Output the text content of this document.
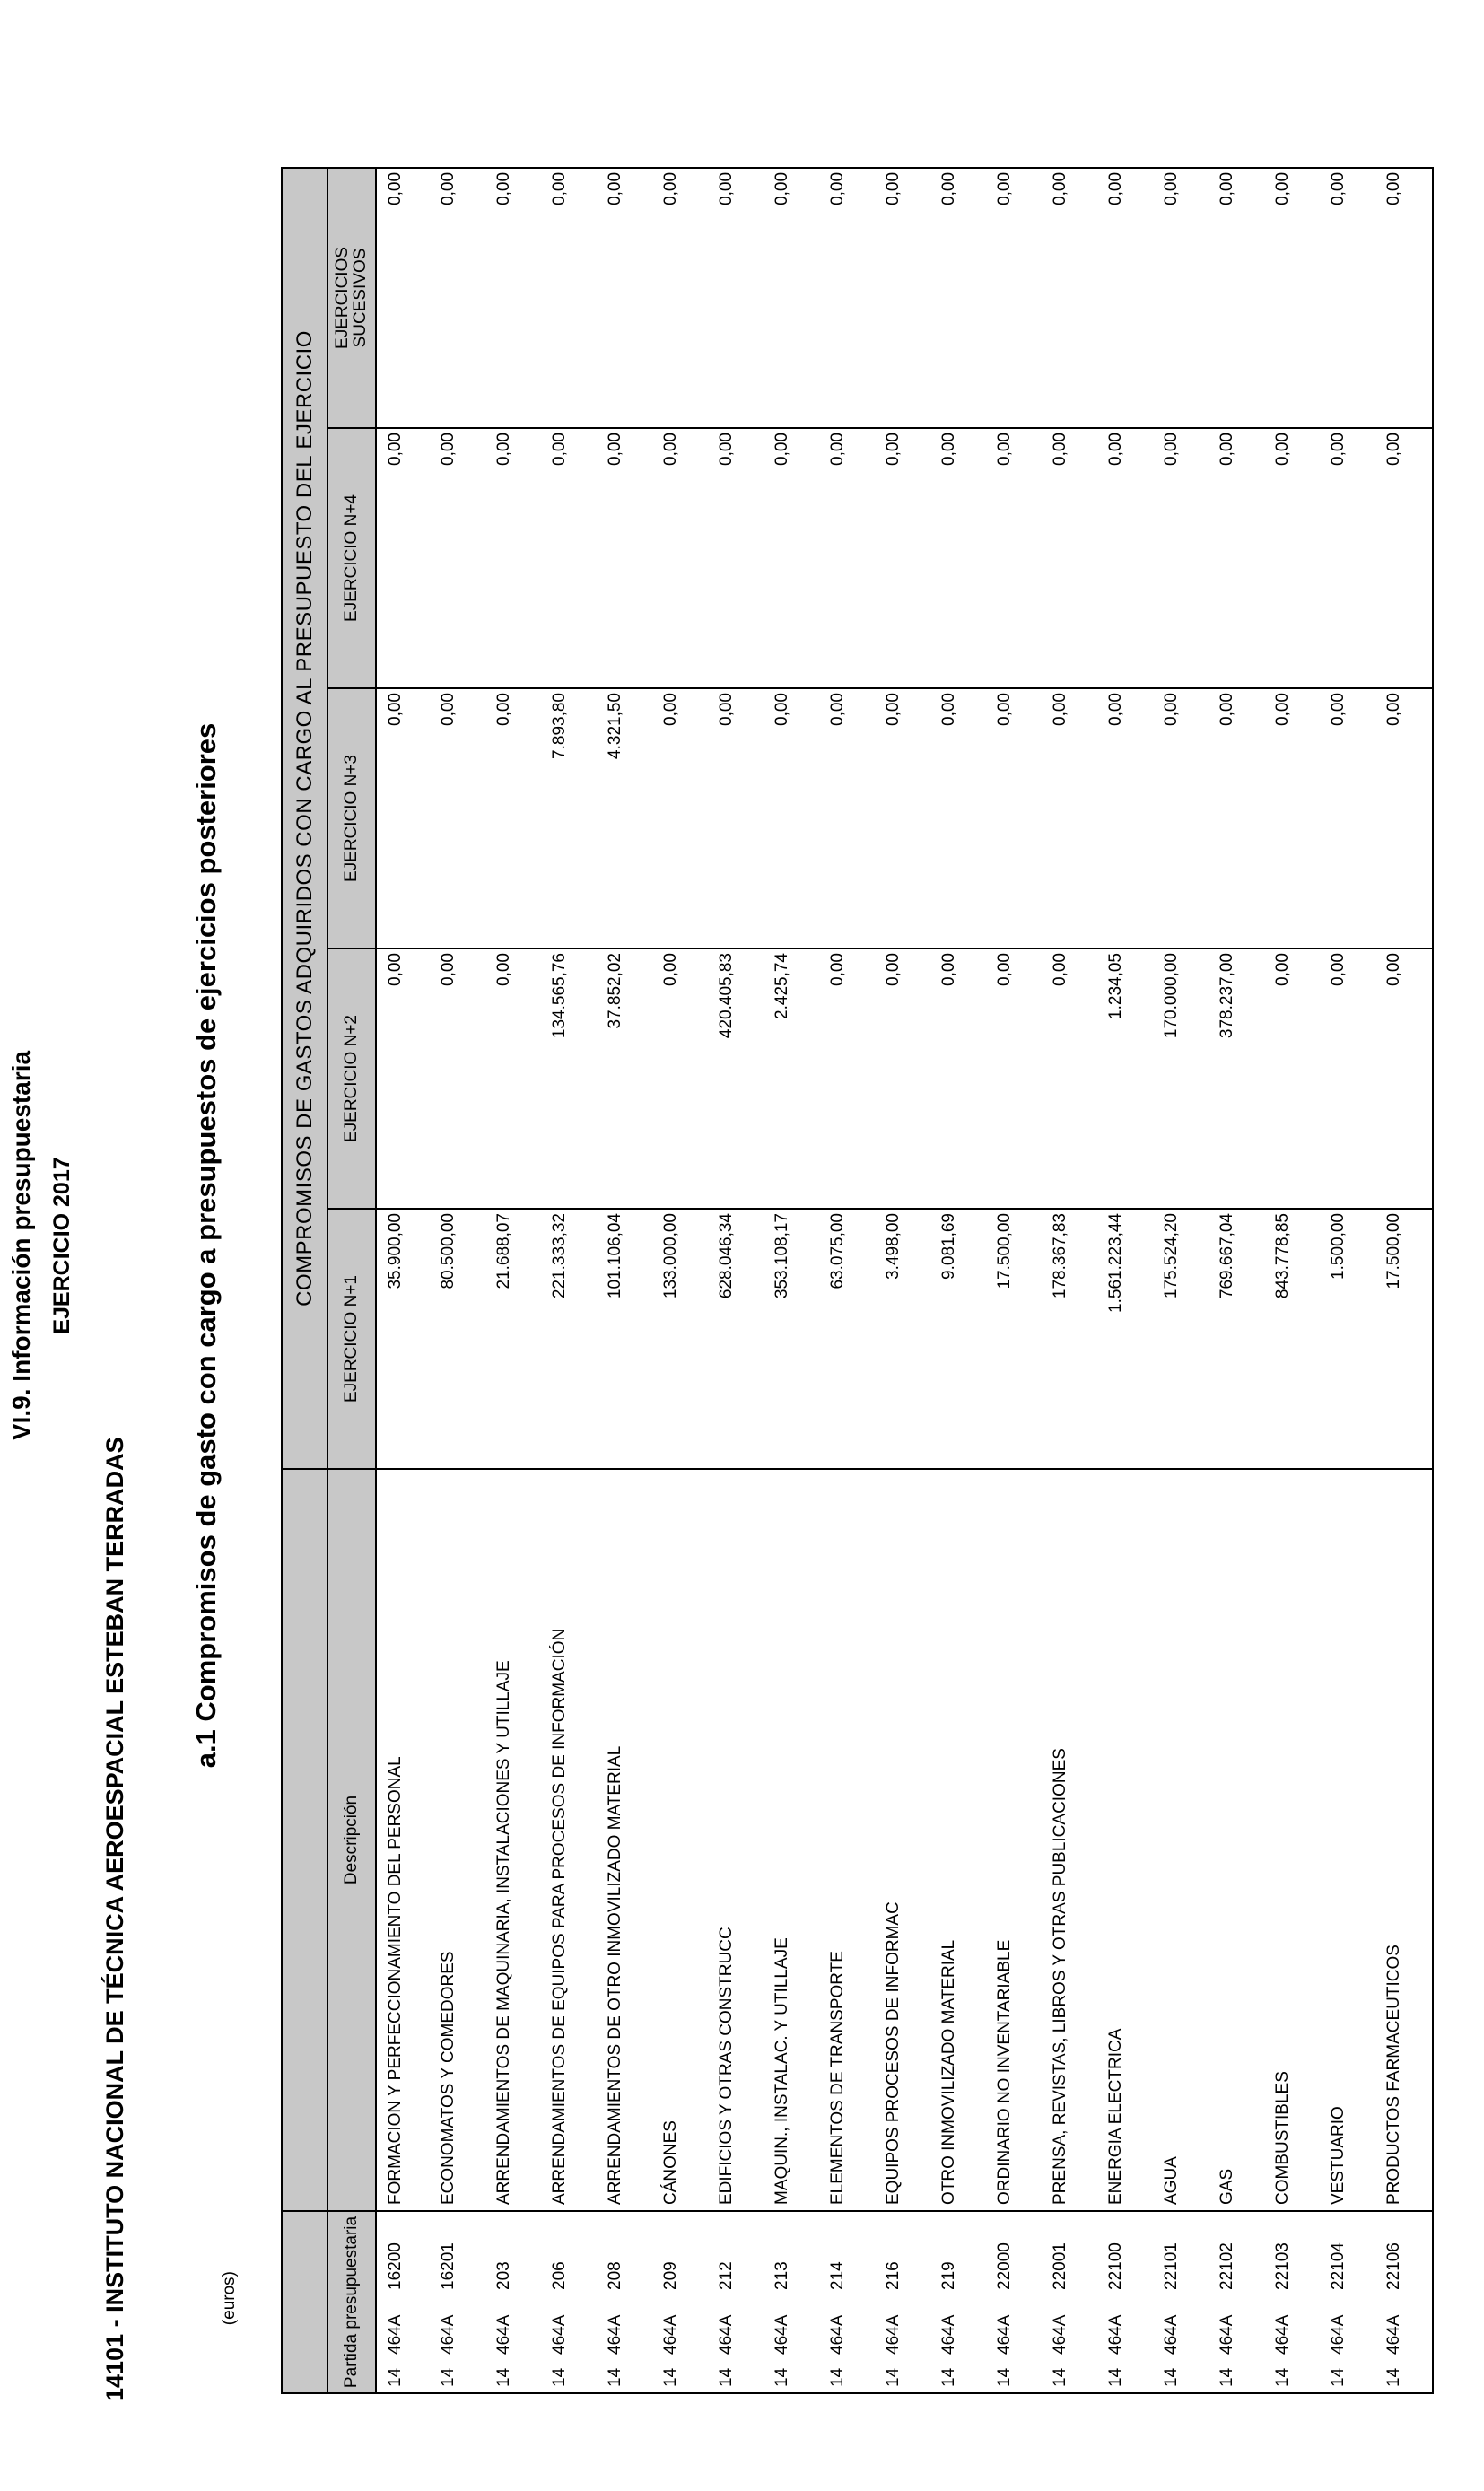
VI.9. Información presupuestaria EJERCICIO 2017
14101 - INSTITUTO NACIONAL DE TÉCNICA AEROESPACIAL ESTEBAN TERRADAS
a.1 Compromisos de gasto con cargo a presupuestos de ejercicios posteriores
(euros)
		COMPROMISOS DE GASTOS ADQUIRIDOS CON CARGO AL PRESUPUESTO DEL EJERCICIO				
Partida presupuestaria	Descripción	EJERCICIO N+1	EJERCICIO N+2	EJERCICIO N+3	EJERCICIO N+4	EJERCICIOS SUCESIVOS

14464A16200	FORMACION Y PERFECCIONAMIENTO DEL PERSONAL	35.900,00	0,00	0,00	0,00	0,00
14464A16201	ECONOMATOS Y COMEDORES	80.500,00	0,00	0,00	0,00	0,00
14464A203	ARRENDAMIENTOS DE MAQUINARIA, INSTALACIONES Y UTILLAJE	21.688,07	0,00	0,00	0,00	0,00
14464A206	ARRENDAMIENTOS DE EQUIPOS PARA PROCESOS DE INFORMACIÓN	221.333,32	134.565,76	7.893,80	0,00	0,00
14464A208	ARRENDAMIENTOS DE OTRO INMOVILIZADO MATERIAL	101.106,04	37.852,02	4.321,50	0,00	0,00
14464A209	CÁNONES	133.000,00	0,00	0,00	0,00	0,00
14464A212	EDIFICIOS Y OTRAS CONSTRUCC	628.046,34	420.405,83	0,00	0,00	0,00
14464A213	MAQUIN., INSTALAC. Y UTILLAJE	353.108,17	2.425,74	0,00	0,00	0,00
14464A214	ELEMENTOS DE TRANSPORTE	63.075,00	0,00	0,00	0,00	0,00
14464A216	EQUIPOS PROCESOS DE INFORMAC	3.498,00	0,00	0,00	0,00	0,00
14464A219	OTRO INMOVILIZADO MATERIAL	9.081,69	0,00	0,00	0,00	0,00
14464A22000	ORDINARIO NO INVENTARIABLE	17.500,00	0,00	0,00	0,00	0,00
14464A22001	PRENSA, REVISTAS, LIBROS Y OTRAS PUBLICACIONES	178.367,83	0,00	0,00	0,00	0,00
14464A22100	ENERGIA ELECTRICA	1.561.223,44	1.234,05	0,00	0,00	0,00
14464A22101	AGUA	175.524,20	170.000,00	0,00	0,00	0,00
14464A22102	GAS	769.667,04	378.237,00	0,00	0,00	0,00
14464A22103	COMBUSTIBLES	843.778,85	0,00	0,00	0,00	0,00
14464A22104	VESTUARIO	1.500,00	0,00	0,00	0,00	0,00
14464A22106	PRODUCTOS FARMACEUTICOS	17.500,00	0,00	0,00	0,00	0,00
